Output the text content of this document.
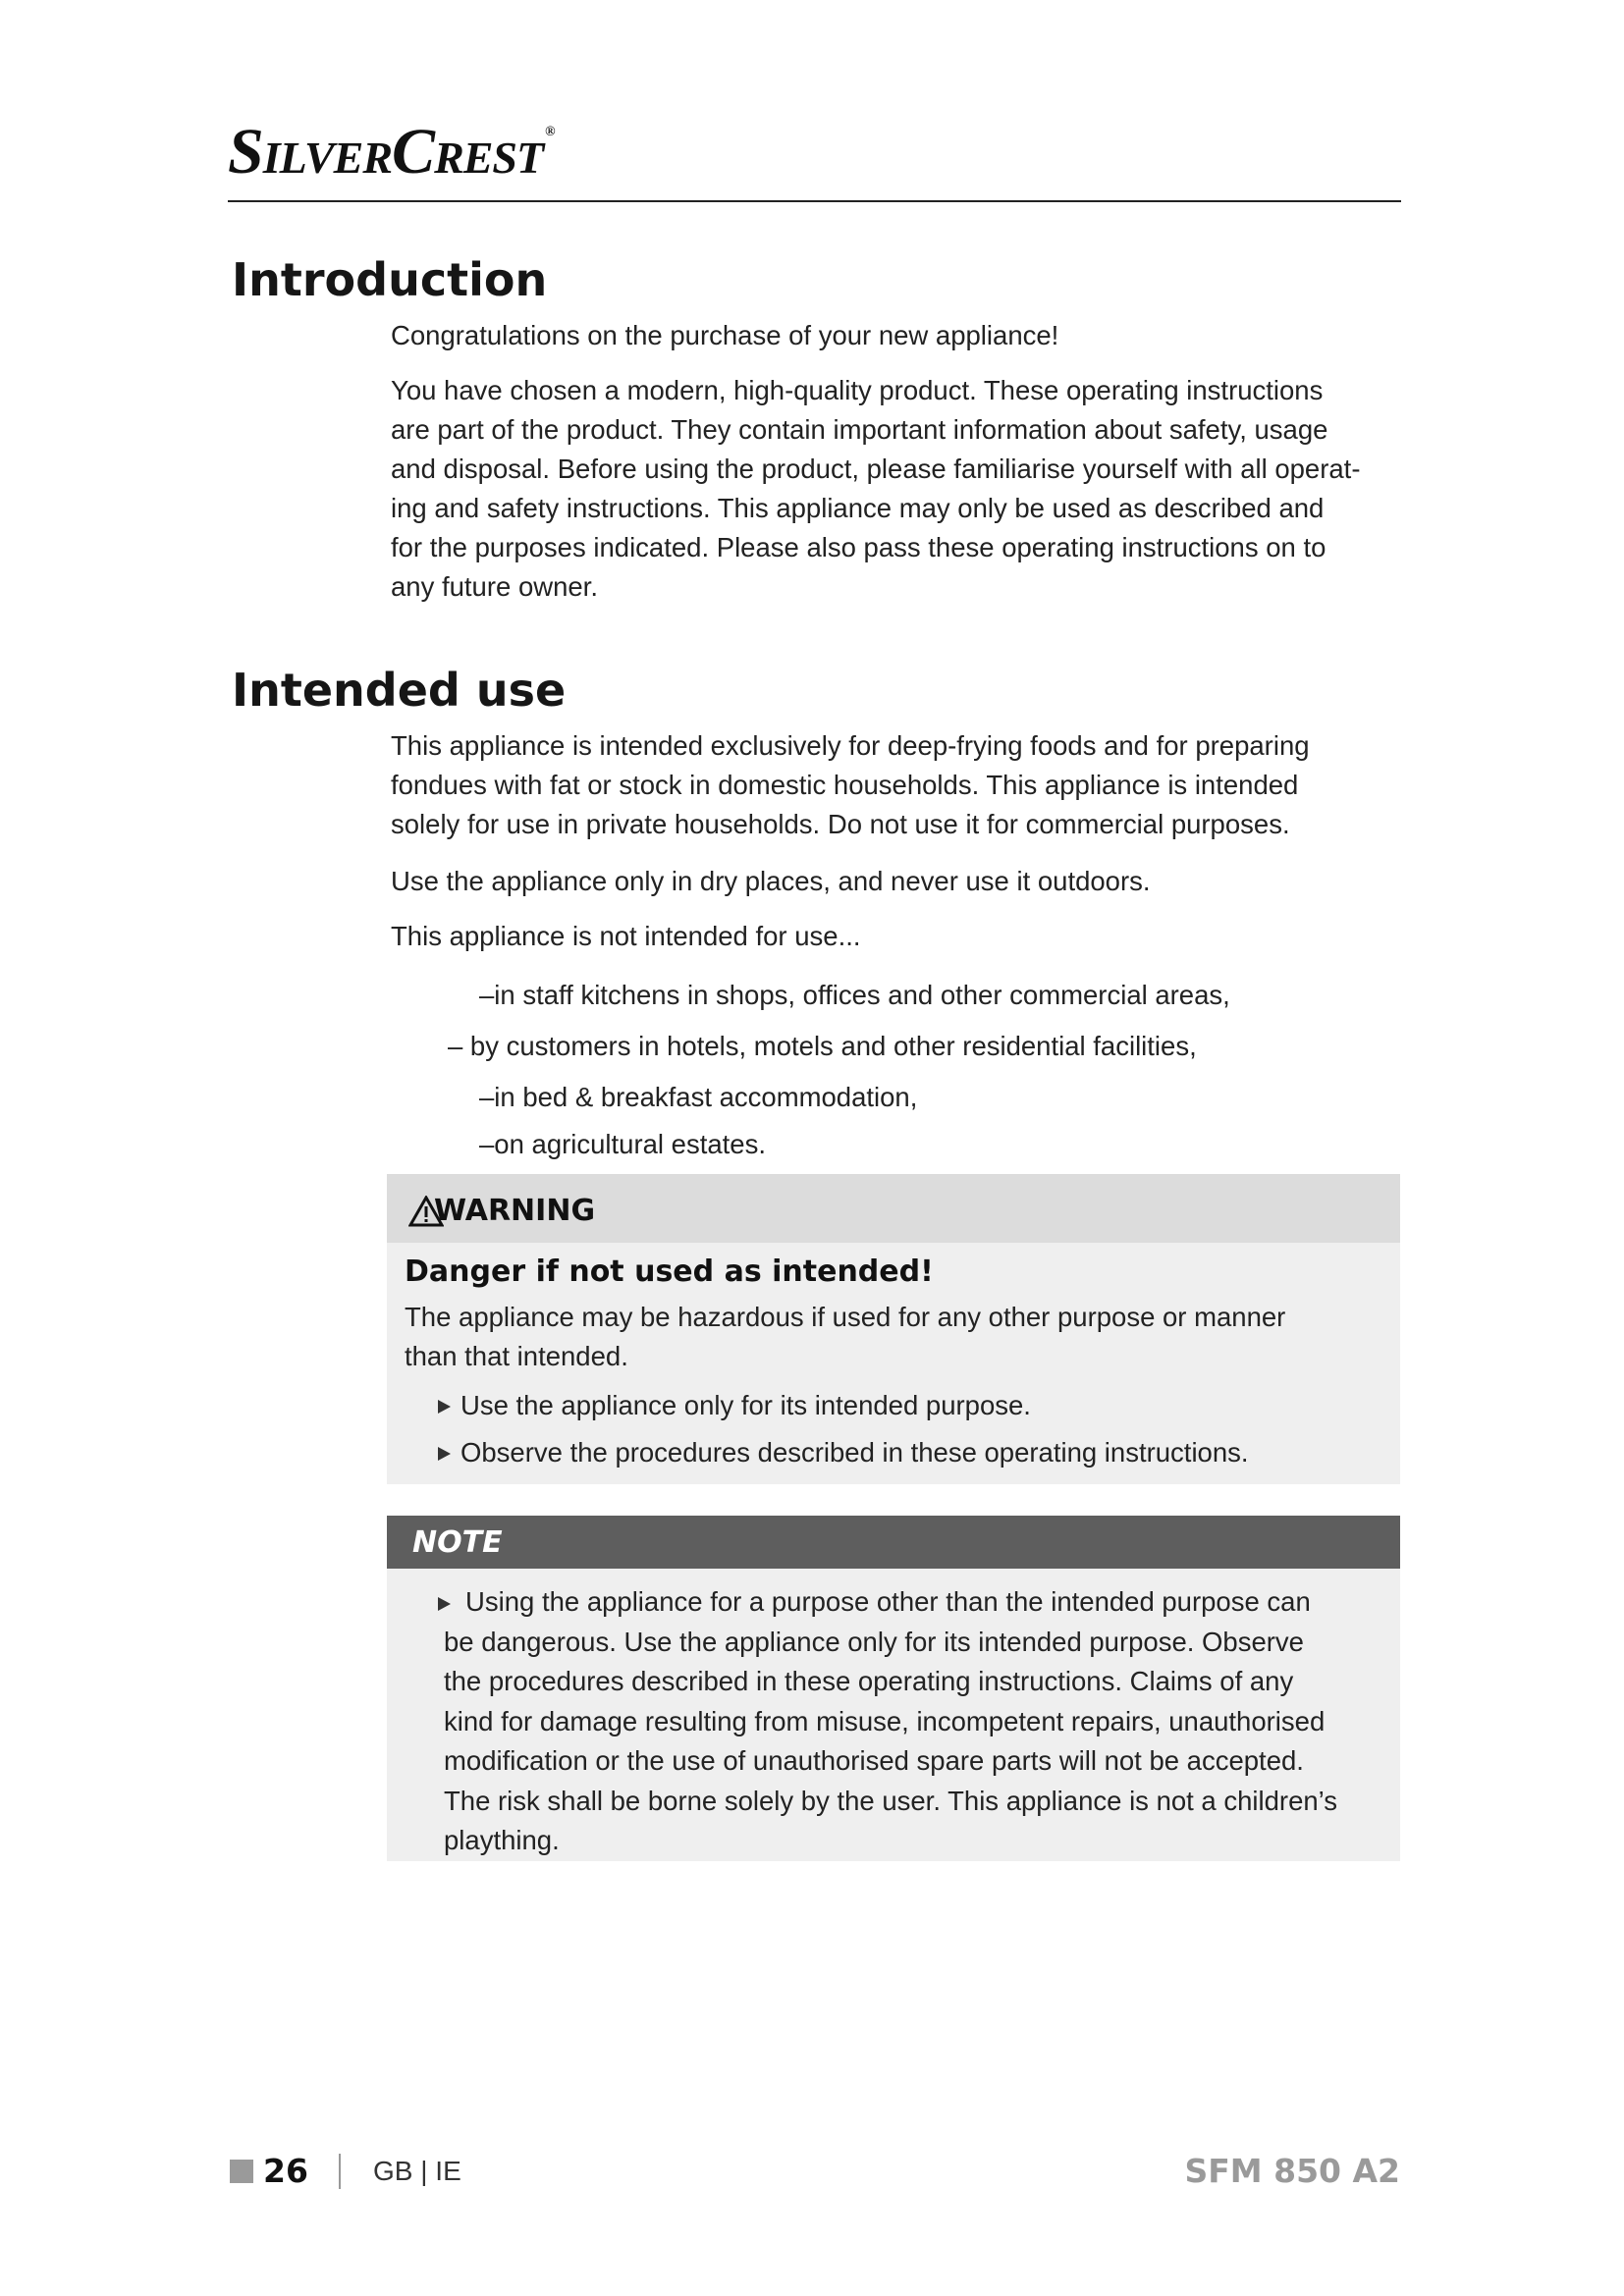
SilverCrest ®
Introduction

Congratulations on the purchase of your new appliance!

You have chosen a modern, high-quality product. These operating instructions
are part of the product. They contain important information about safety, usage
and disposal. Before using the product, please familiarise yourself with all operat-
ing and safety instructions. This appliance may only be used as described and
for the purposes indicated. Please also pass these operating instructions on to
any future owner.
Intended use
This appliance is intended exclusively for deep-frying foods and for preparing
fondues with fat or stock in domestic households. This appliance is intended
solely for use in private households. Do not use it for commercial purposes.

Use the appliance only in dry places, and never use it outdoors.

This appliance is not intended for use...

–in staff kitchens in shops, offices and other commercial areas,
– by customers in hotels, motels and other residential facilities,
–in bed & breakfast accommodation,
–on agricultural estates.
WARNING
Danger if not used as intended!
The appliance may be hazardous if used for any other purpose or manner
than that intended.
Use the appliance only for its intended purpose.
Observe the procedures described in these operating instructions.
NOTE
Using the appliance for a purpose other than the intended purpose can
be dangerous. Use the appliance only for its intended purpose. Observe
the procedures described in these operating instructions. Claims of any
kind for damage resulting from misuse, incompetent repairs, unauthorised
modification or the use of unauthorised spare parts will not be accepted.
The risk shall be borne solely by the user. This appliance is not a children’s
plaything.
26 GB | IE	SFM 850 A2
